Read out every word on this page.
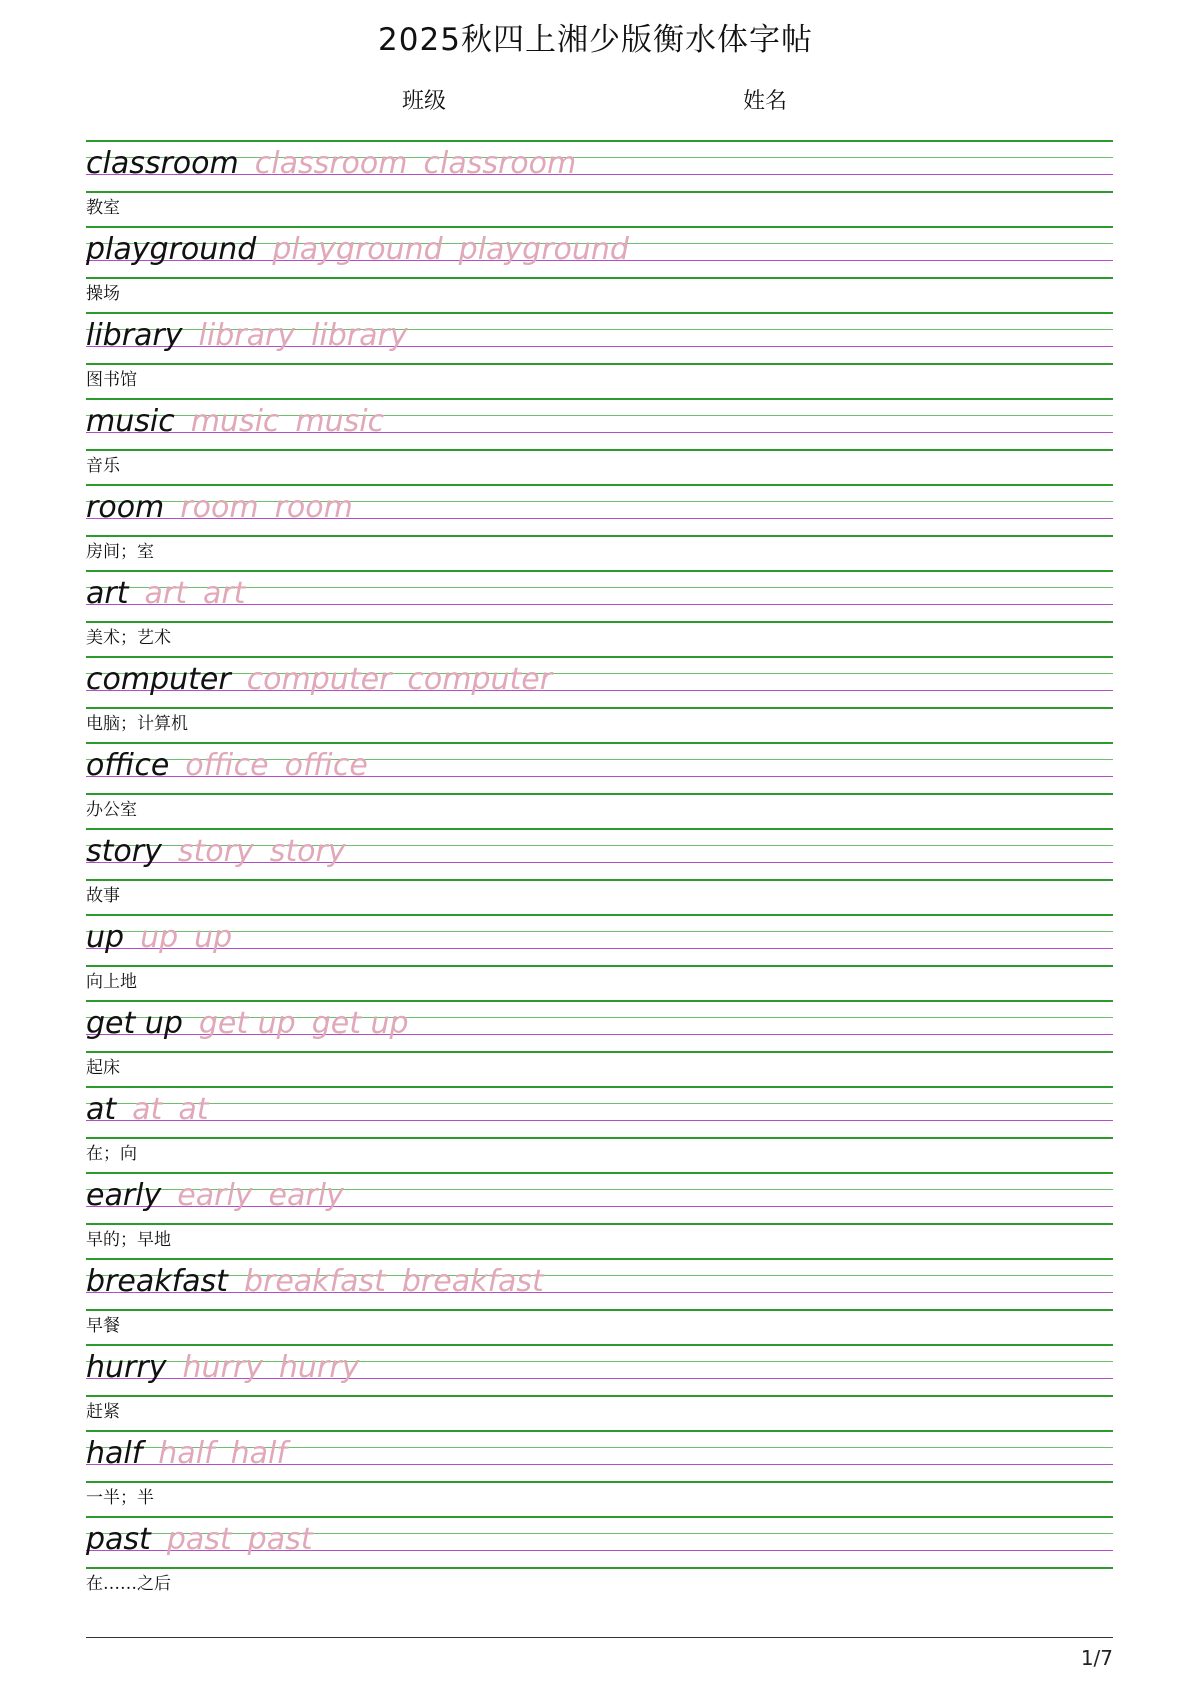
2025秋四上湘少版衡水体字帖
班级	姓名
classroom classroom classroom
教室
playground playground playground
操场
library library library
图书馆
music music music
音乐
room room room
房间；室
art art art
美术；艺术
computer computer computer
电脑；计算机
office office office
办公室
story story story
故事
up up up
向上地
get up get up get up
起床
at at at
在；向
early early early
早的；早地
breakfast breakfast breakfast
早餐
hurry hurry hurry
赶紧
half half half
一半；半
past past past
在……之后
1/7
